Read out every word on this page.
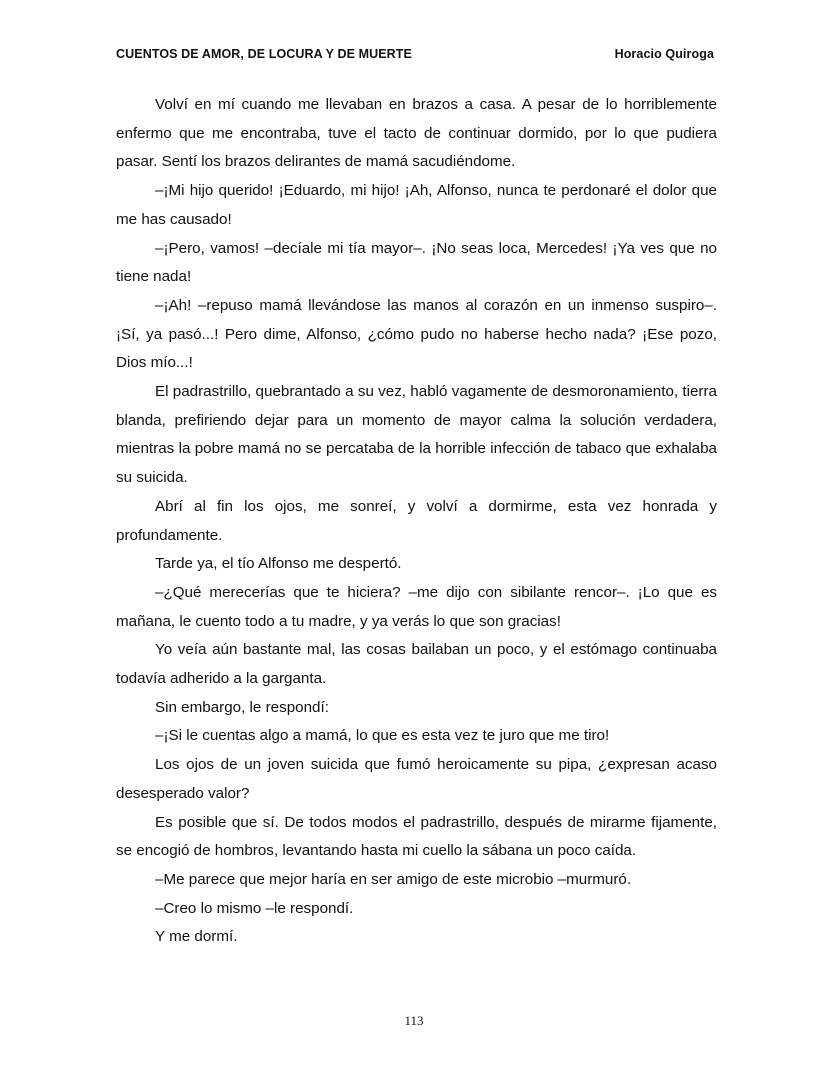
CUENTOS DE AMOR, DE LOCURA Y DE MUERTE	Horacio Quiroga

Volví en mí cuando me llevaban en brazos a casa. A pesar de lo horriblemente enfermo que me encontraba, tuve el tacto de continuar dormido, por lo que pudiera pasar. Sentí los brazos delirantes de mamá sacudiéndome.

–¡Mi hijo querido! ¡Eduardo, mi hijo! ¡Ah, Alfonso, nunca te perdonaré el dolor que me has causado!

–¡Pero, vamos! –decíale mi tía mayor–. ¡No seas loca, Mercedes! ¡Ya ves que no tiene nada!

–¡Ah! –repuso mamá llevándose las manos al corazón en un inmenso suspiro–. ¡Sí, ya pasó...! Pero dime, Alfonso, ¿cómo pudo no haberse hecho nada? ¡Ese pozo, Dios mío...!

El padrastrillo, quebrantado a su vez, habló vagamente de desmoronamiento, tierra blanda, prefiriendo dejar para un momento de mayor calma la solución verdadera, mientras la pobre mamá no se percataba de la horrible infección de tabaco que exhalaba su suicida.

Abrí al fin los ojos, me sonreí, y volví a dormirme, esta vez honrada y profundamente.

Tarde ya, el tío Alfonso me despertó.

–¿Qué merecerías que te hiciera? –me dijo con sibilante rencor–. ¡Lo que es mañana, le cuento todo a tu madre, y ya verás lo que son gracias!

Yo veía aún bastante mal, las cosas bailaban un poco, y el estómago continuaba todavía adherido a la garganta.

Sin embargo, le respondí:

–¡Si le cuentas algo a mamá, lo que es esta vez te juro que me tiro!

Los ojos de un joven suicida que fumó heroicamente su pipa, ¿expresan acaso desesperado valor?

Es posible que sí. De todos modos el padrastrillo, después de mirarme fijamente, se encogió de hombros, levantando hasta mi cuello la sábana un poco caída.

–Me parece que mejor haría en ser amigo de este microbio –murmuró.

–Creo lo mismo –le respondí.

Y me dormí.

113
